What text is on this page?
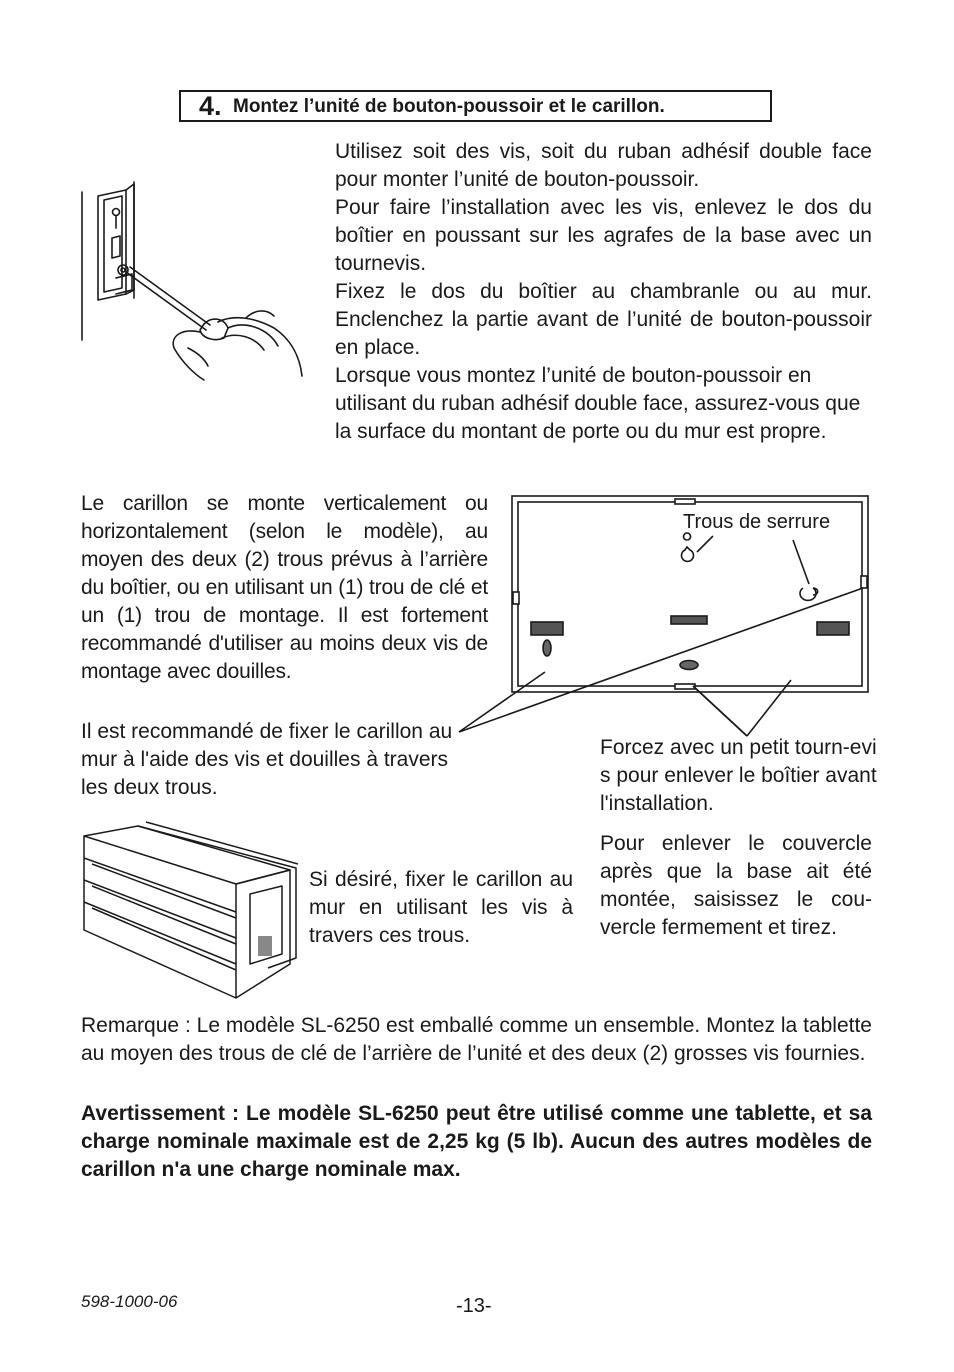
4. Montez l’unité de bouton-poussoir et le carillon.

Utilisez soit des vis, soit du ruban adhésif double face pour monter l’unité de bouton-poussoir.

Pour faire l’installation avec les vis, enlevez le dos du boîtier en poussant sur les agrafes de la base avec un tournevis.

Fixez le dos du boîtier au chambranle ou au mur. Enclenchez la partie avant de l’unité de bouton-poussoir en place.

Lorsque vous montez l’unité de bouton-poussoir en utilisant du ruban adhésif double face, assurez-vous que la surface du montant de porte ou du mur est propre.

Le carillon se monte verticalement ou horizontalement (selon le modèle), au moyen des deux (2) trous prévus à l’arrière du boîtier, ou en utilisant un (1) trou de clé et un (1) trou de montage. Il est fortement recommandé d'utiliser au moins deux vis de montage avec douilles.
Trous de serrure
Il est recommandé de fixer le carillon au mur à l'aide des vis et douilles à travers les deux trous.
Forcez avec un petit tourn-evis pour enlever le boîtier avant l'installation.
Pour enlever le couvercle après que la base ait été montée, saisissez le cou-vercle fermement et tirez.
Si désiré, fixer le carillon au mur en utilisant les vis à travers ces trous.
Remarque : Le modèle SL-6250 est emballé comme un ensemble. Montez la tablette au moyen des trous de clé de l’arrière de l’unité et des deux (2) grosses vis fournies.
Avertissement : Le modèle SL-6250 peut être utilisé comme une tablette, et sa charge nominale maximale est de 2,25 kg (5 lb). Aucun des autres modèles de carillon n'a une charge nominale max.
598-1000-06	-13-
